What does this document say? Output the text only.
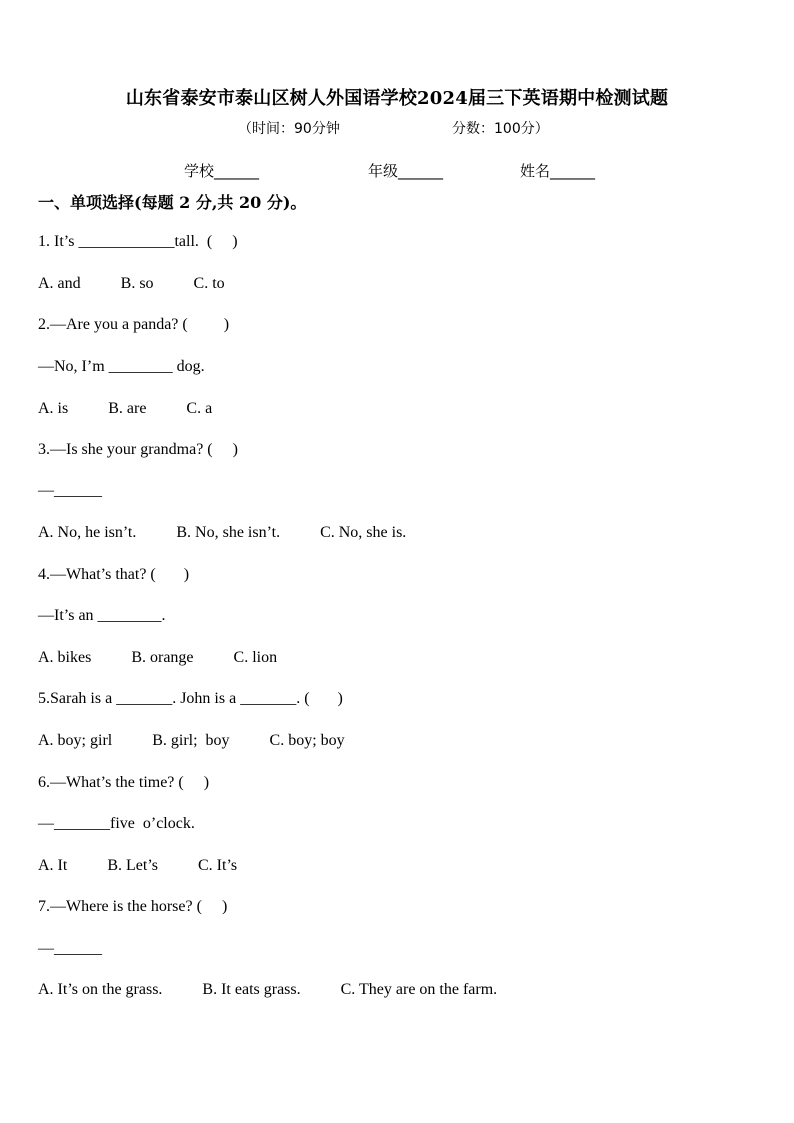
山东省泰安市泰山区树人外国语学校2024届三下英语期中检测试题
（时间：90分钟	分数：100分）
学校______	年级______	姓名______
一、单项选择(每题 2 分,共 20 分)。
1. It’s ____________tall.  (     )
A. and          B. so          C. to
2.—Are you a panda? (         )
—No, I’m ________ dog.
A. is          B. are          C. a
3.—Is she your grandma? (     )
—______
A. No, he isn’t.          B. No, she isn’t.          C. No, she is.
4.—What’s that? (       )
—It’s an ________.
A. bikes          B. orange          C. lion
5.Sarah is a _______. John is a _______. (       )
A. boy; girl          B. girl;  boy          C. boy; boy
6.—What’s the time? (     )
—_______five  o’clock.
A. It          B. Let’s          C. It’s
7.—Where is the horse? (     )
—______
A. It’s on the grass.          B. It eats grass.          C. They are on the farm.
